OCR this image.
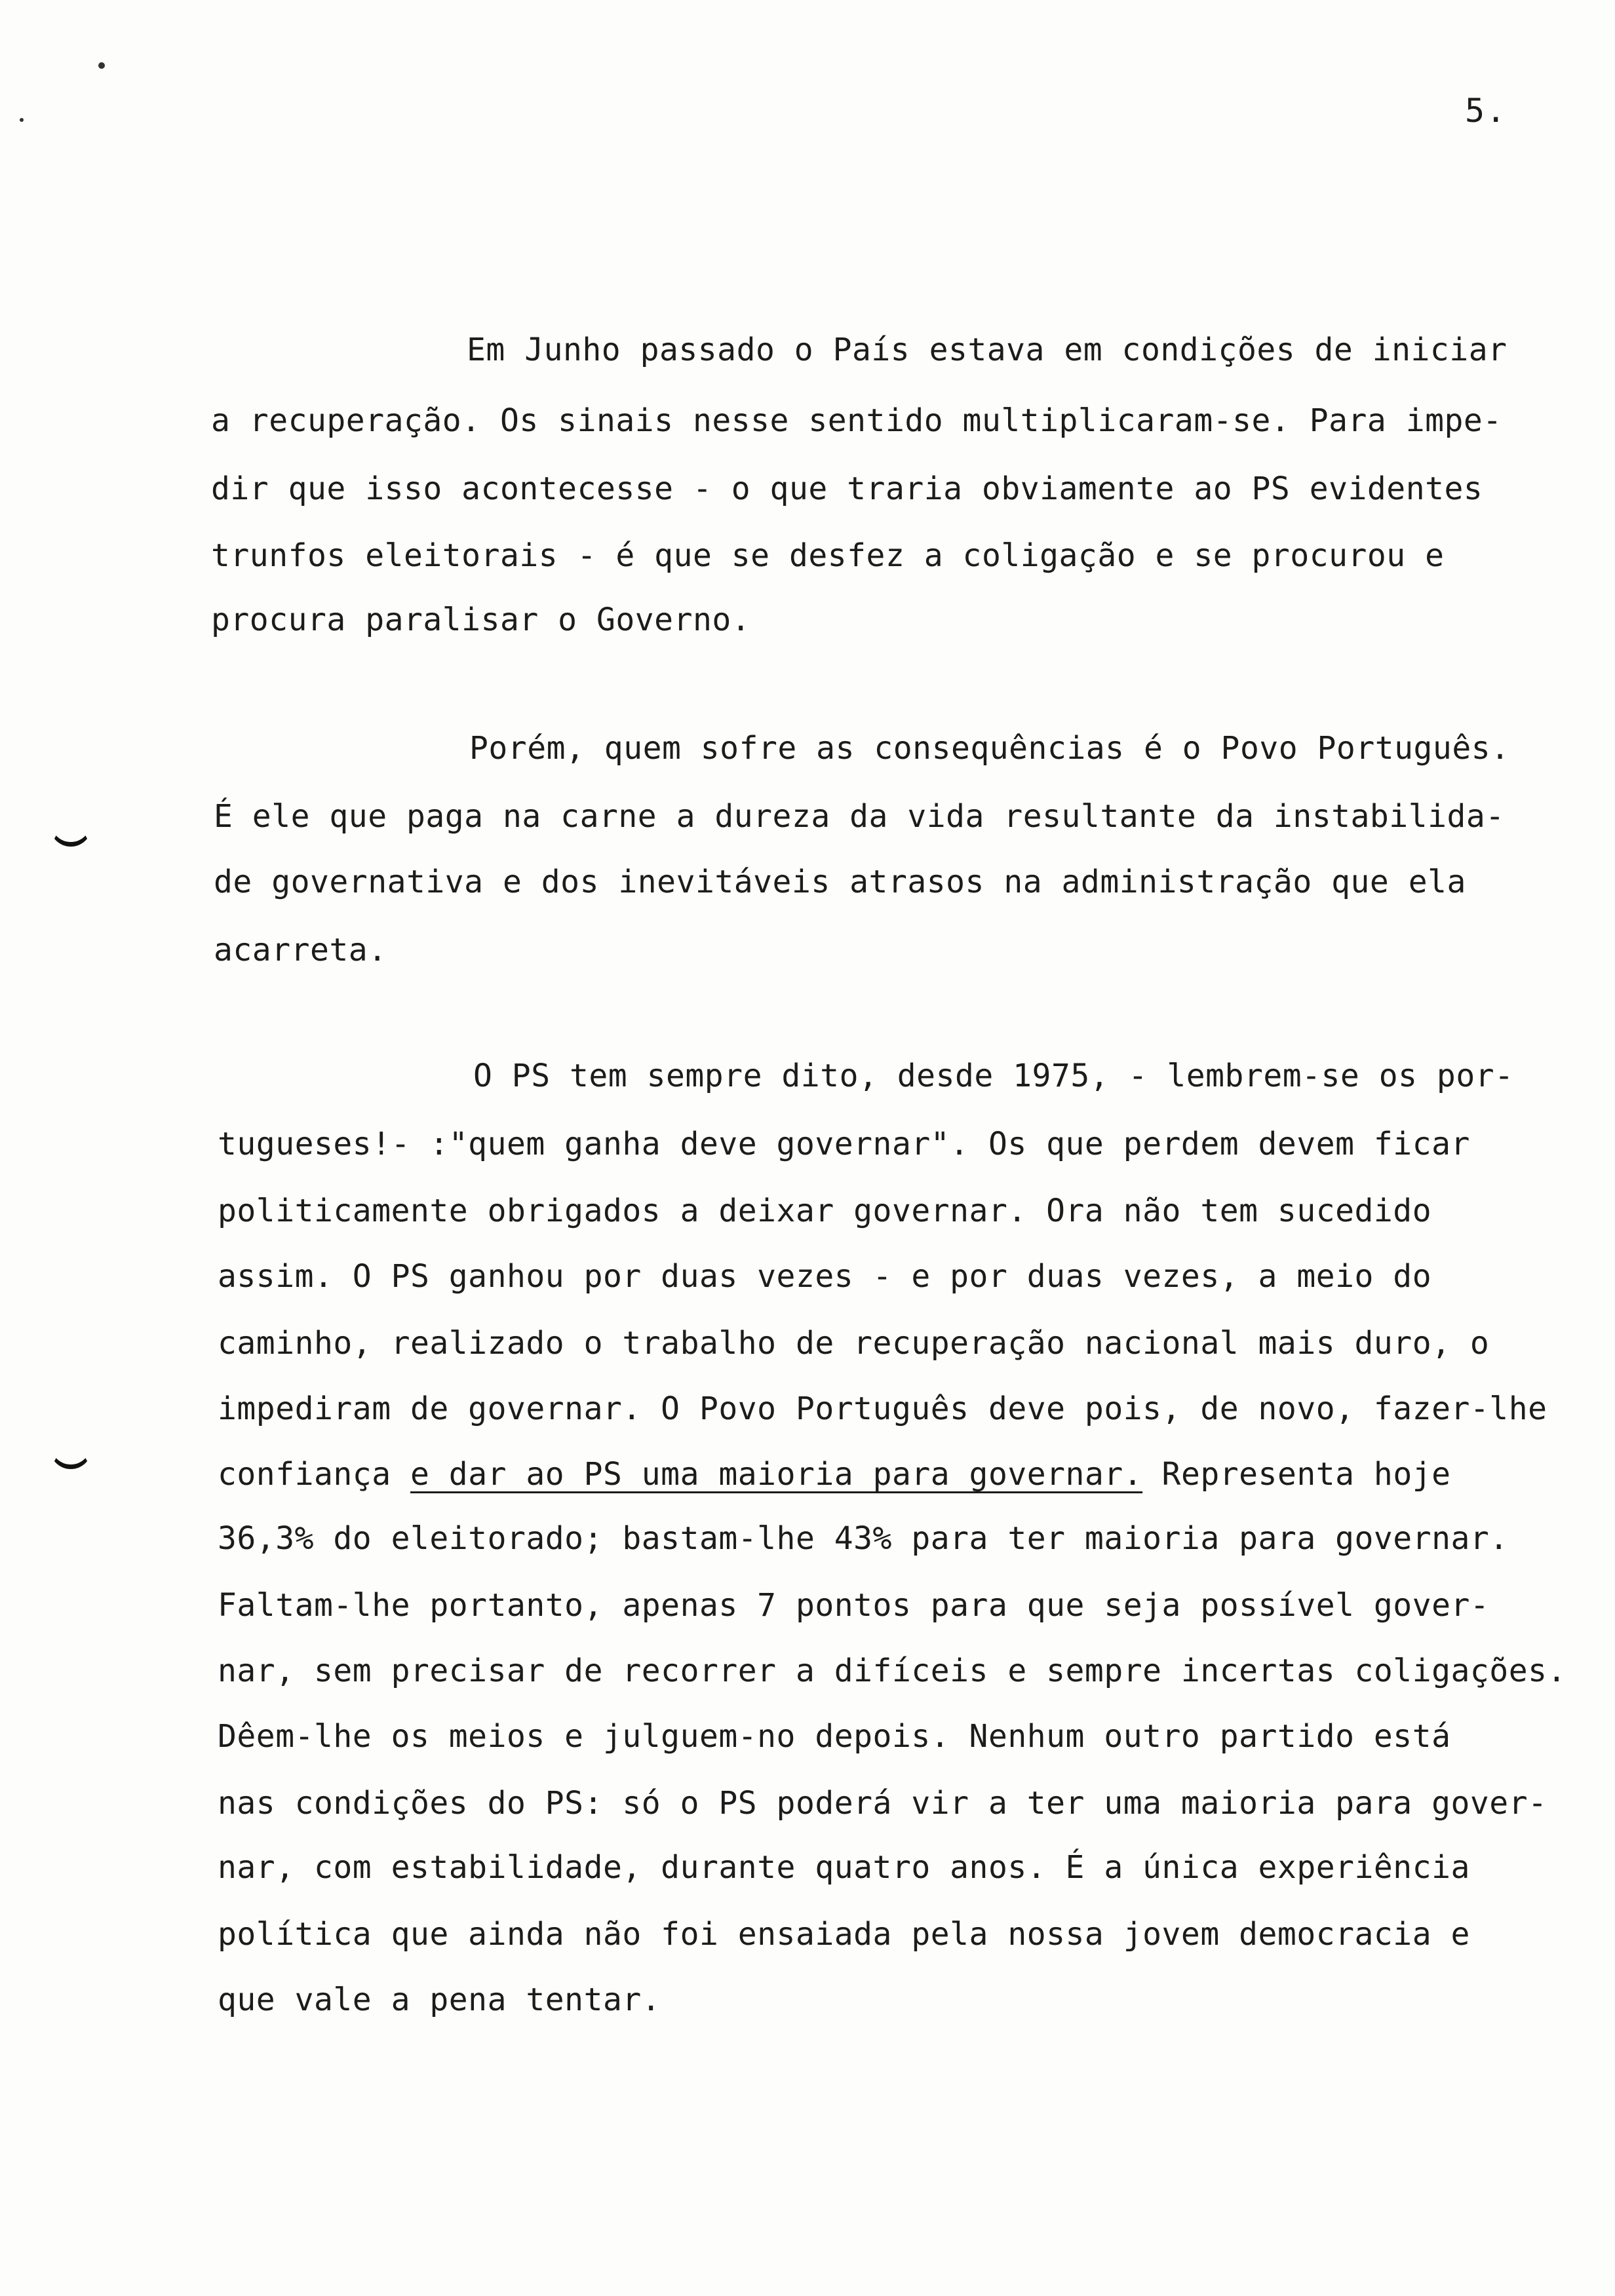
5.
Em Junho passado o País estava em condições de iniciar
a recuperação. Os sinais nesse sentido multiplicaram-se. Para impe-
dir que isso acontecesse - o que traria obviamente ao PS evidentes
trunfos eleitorais - é que se desfez a coligação e se procurou e
procura paralisar o Governo.
Porém, quem sofre as consequências é o Povo Português.
É ele que paga na carne a dureza da vida resultante da instabilida-
de governativa e dos inevitáveis atrasos na administração que ela
acarreta.
O PS tem sempre dito, desde 1975, - lembrem-se os por-
tugueses!- :"quem ganha deve governar". Os que perdem devem ficar
politicamente obrigados a deixar governar. Ora não tem sucedido
assim. O PS ganhou por duas vezes - e por duas vezes, a meio do
caminho, realizado o trabalho de recuperação nacional mais duro, o
impediram de governar. O Povo Português deve pois, de novo, fazer-lhe
confiança e dar ao PS uma maioria para governar. Representa hoje
36,3% do eleitorado; bastam-lhe 43% para ter maioria para governar.
Faltam-lhe portanto, apenas 7 pontos para que seja possível gover-
nar, sem precisar de recorrer a difíceis e sempre incertas coligações.
Dêem-lhe os meios e julguem-no depois. Nenhum outro partido está
nas condições do PS: só o PS poderá vir a ter uma maioria para gover-
nar, com estabilidade, durante quatro anos. É a única experiência
política que ainda não foi ensaiada pela nossa jovem democracia e
que vale a pena tentar.
